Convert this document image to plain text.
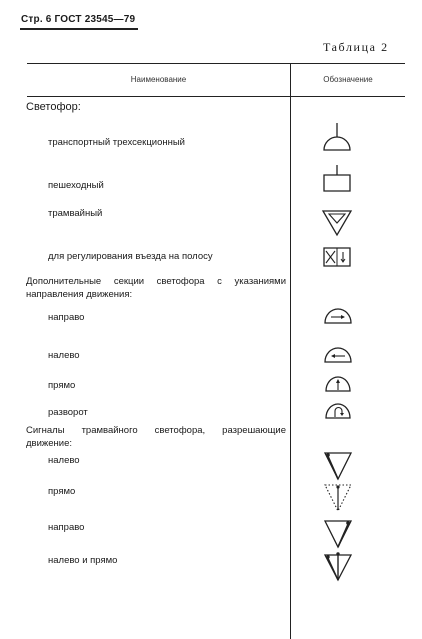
Стр. 6 ГОСТ 23545—79
Таблица 2
Наименование	Обозначение
Светофор:
транспортный трехсекционный
пешеходный
трамвайный
для регулирования въезда на полосу
Дополнительные секции светофора с указаниями направления движения:
направо
налево
прямо
разворот
Сигналы трамвайного светофора, разрешающие движение:
налево
прямо
направо
налево и прямо
